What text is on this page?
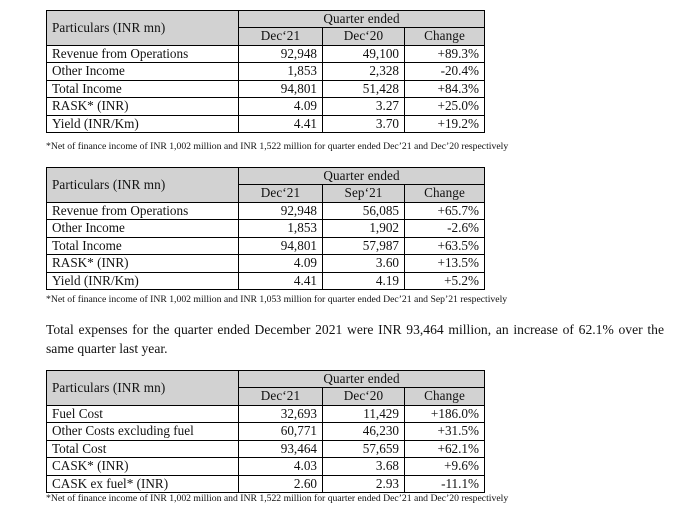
Particulars (INR mn)	Quarter ended		
	Dec‘21	Dec‘20	Change
Revenue from Operations	92,948	49,100	+89.3%
Other Income	1,853	2,328	-20.4%
Total Income	94,801	51,428	+84.3%
RASK* (INR)	4.09	3.27	+25.0%
Yield (INR/Km)	4.41	3.70	+19.2%
*Net of finance income of INR 1,002 million and INR 1,522 million for quarter ended Dec’21 and Dec’20 respectively
Particulars (INR mn)	Quarter ended		
	Dec‘21	Sep‘21	Change
Revenue from Operations	92,948	56,085	+65.7%
Other Income	1,853	1,902	-2.6%
Total Income	94,801	57,987	+63.5%
RASK* (INR)	4.09	3.60	+13.5%
Yield (INR/Km)	4.41	4.19	+5.2%
*Net of finance income of INR 1,002 million and INR 1,053 million for quarter ended Dec’21 and Sep’21 respectively
Total expenses for the quarter ended December 2021 were INR 93,464 million, an increase of 62.1% over the same quarter last year.
Particulars (INR mn)	Quarter ended		
	Dec‘21	Dec‘20	Change
Fuel Cost	32,693	11,429	+186.0%
Other Costs excluding fuel	60,771	46,230	+31.5%
Total Cost	93,464	57,659	+62.1%
CASK* (INR)	4.03	3.68	+9.6%
CASK ex fuel* (INR)	2.60	2.93	-11.1%
*Net of finance income of INR 1,002 million and INR 1,522 million for quarter ended Dec’21 and Dec’20 respectively
